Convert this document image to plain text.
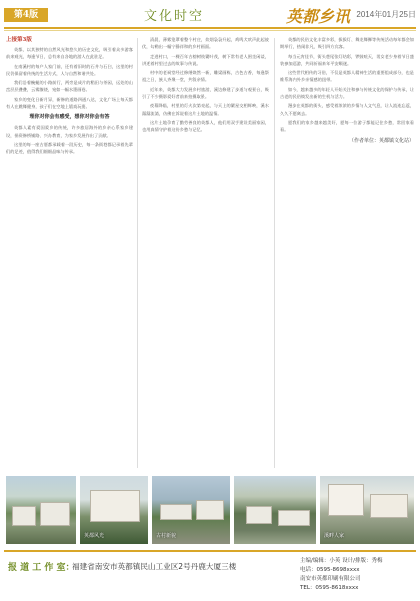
第4版	文化时空	英都乡讯 2014年01月25日
上接第3版

英都，以其独特的自然风光和悠久的历史文化，吸引着众多游客前来观光，每逢节日，总有来自各地的游人在此驻足。

在南溪村的每户人家门前，还有着旧时的石井与石臼，这里的村民仍保留着传统的生活方式，人与自然和谐共处。

我们沿着蜿蜒的小路前行，两旁是成片的稻田与茶园，远处的山峦层层叠叠，云雾缭绕，宛如一幅水墨画卷。

家乡的变化日新月异，新修的道路四通八达，文化广场上每天都有人在跳舞健身，孩子们在空地上嬉戏玩耍。

理你对你会有感受，想你对你会有答

英都人素有爱国爱乡的传统，许多旅居海外的乡亲心系家乡建设，捐资修桥铺路、兴办教育，为家乡发展作出了贡献。

这里的每一座古厝都承载着一段历史，每一条街巷都记录着先辈们的足迹，值得我们细细品味与传承。

清晨，薄雾笼罩着整个村庄，炊烟袅袅升起，鸡鸣犬吠声此起彼伏，勾勒出一幅宁静祥和的乡村画面。

走进村口，一棵百年古榕树枝繁叶茂，树下常有老人围坐闲谈，讲述着村里过去的故事与传说。

村中的老祠堂经过修缮焕然一新，雕梁画栋，古色古香，每逢祭祖之日，族人齐聚一堂，共叙亲情。

近年来，英都大力发展乡村旅游，溪边修建了步道与观景台，吸引了不少摄影爱好者前来拍摄取景。

夜幕降临，村里的灯火次第亮起，与天上的繁星交相辉映，溪水潺潺流淌，仿佛在诉说着这片土地的温情。

这片土地孕育了勤劳善良的英都人，他们用双手建设美丽家园，也用真情守护着这份乡愁与记忆。

英都的民俗文化丰富多彩，拔拔灯、舞龙舞狮等传统活动每年都会如期举行，热闹非凡，吸引四方宾客。

每当元宵佳节，街头巷尾张灯结彩，锣鼓喧天，男女老少身着节日盛装参加巡游，共同祈福来年平安顺遂。

这些世代相传的习俗，不仅是英都人精神生活的重要组成部分，也是维系海内外乡亲情感的纽带。

如今，越来越多的年轻人开始关注和参与传统文化的保护与传承，让古老的民俗焕发出新的生机与活力。

漫步在英都的街头，感受着浓浓的乡情与人文气息，让人流连忘返，久久不愿离去。

愿我们的家乡越来越美好，愿每一位游子都能记住乡愁，常回家看看。

（作者单位：英都镇文化站）
英都风光	古村新貌	溪畔人家
报 道 工 作 室：
福建省南安市英都镇民山工业区2号丹鹿大厦三楼
主编/编辑：小英 设计/排版：秀梅
电话：0595-8698xxxx
南安市英都印刷有限公司
TEL：0595-8618xxxx
